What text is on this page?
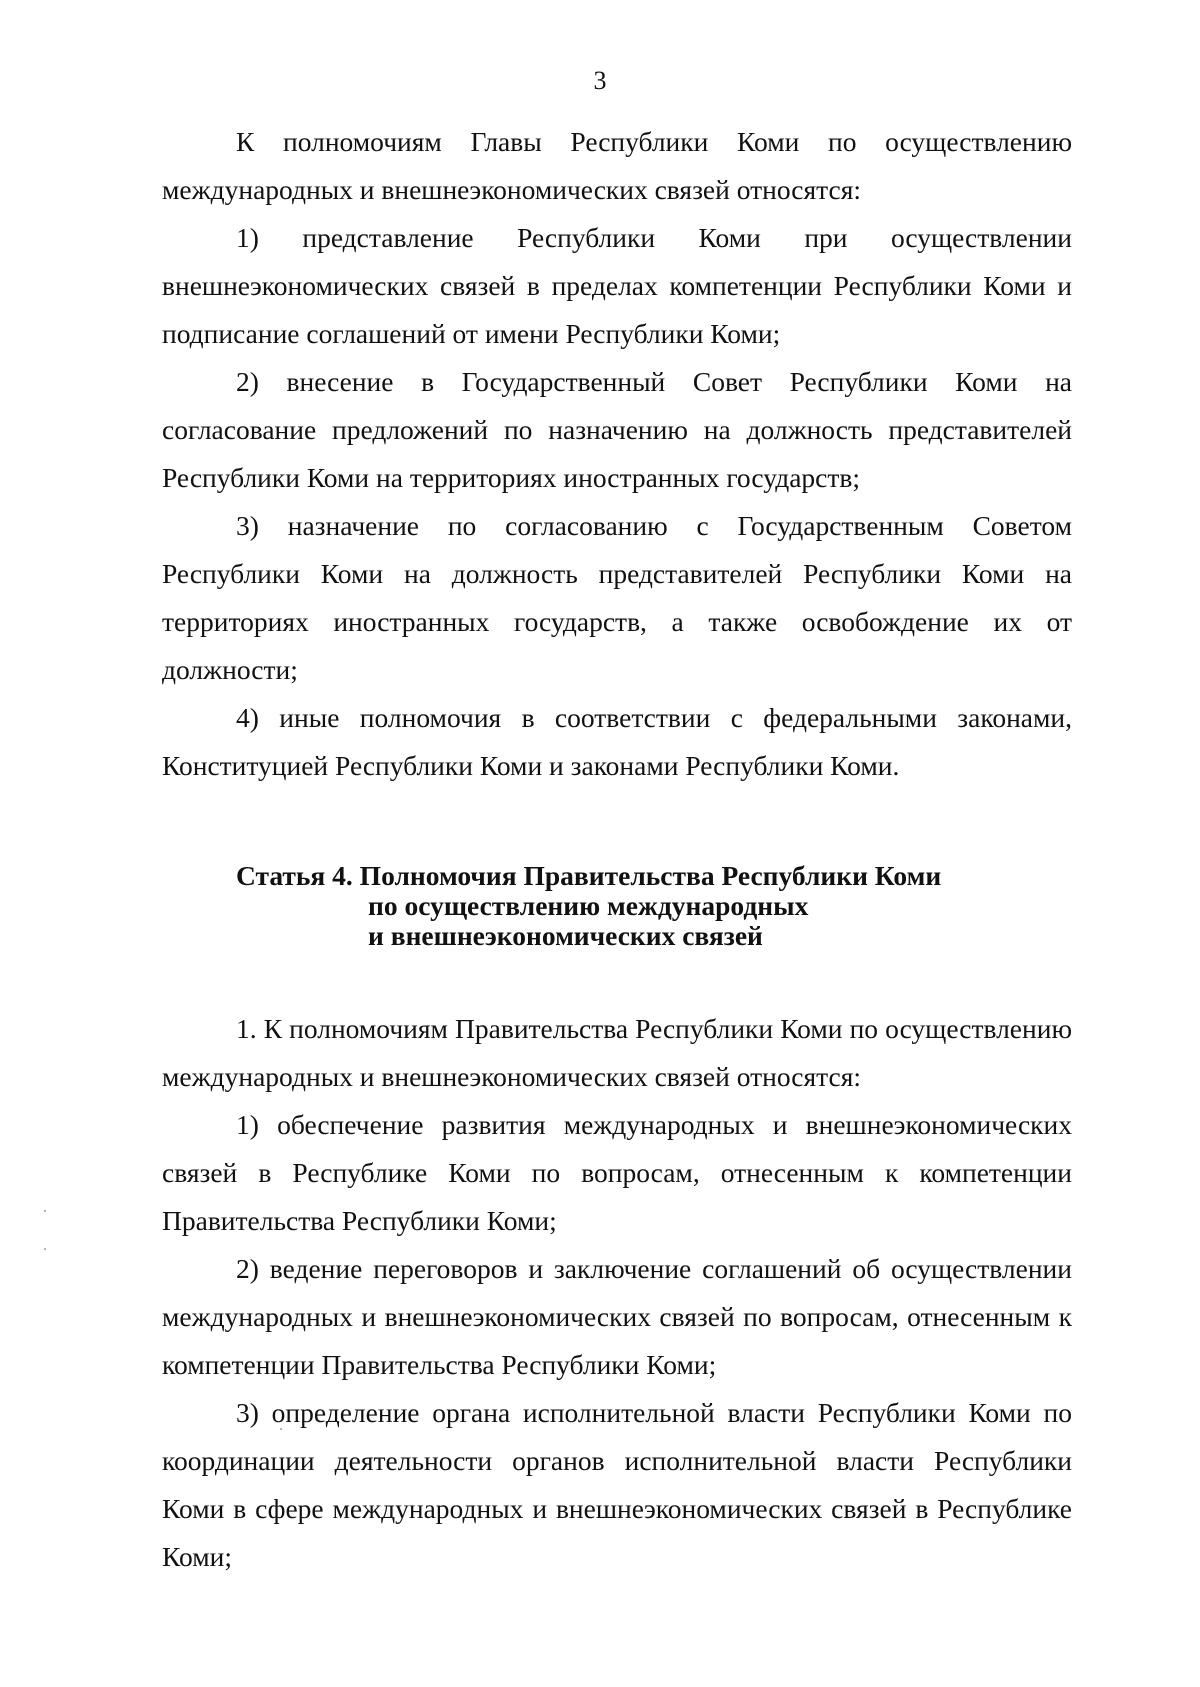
3

К полномочиям Главы Республики Коми по осуществлению международных и внешнеэкономических связей относятся:

1) представление Республики Коми при осуществлении внешнеэкономических связей в пределах компетенции Республики Коми и подписание соглашений от имени Республики Коми;

2) внесение в Государственный Совет Республики Коми на согласование предложений по назначению на должность представителей Республики Коми на территориях иностранных государств;

3) назначение по согласованию с Государственным Советом Республики Коми на должность представителей Республики Коми на территориях иностранных государств, а также освобождение их от должности;

4) иные полномочия в соответствии с федеральными законами, Конституцией Республики Коми и законами Республики Коми.

Статья 4. Полномочия Правительства Республики Коми
по осуществлению международных
и внешнеэкономических связей

1. К полномочиям Правительства Республики Коми по осуществлению международных и внешнеэкономических связей относятся:

1) обеспечение развития международных и внешнеэкономических связей в Республике Коми по вопросам, отнесенным к компетенции Правительства Республики Коми;

2) ведение переговоров и заключение соглашений об осуществлении международных и внешнеэкономических связей по вопросам, отнесенным к компетенции Правительства Республики Коми;

3) определение органа исполнительной власти Республики Коми по координации деятельности органов исполнительной власти Республики Коми в сфере международных и внешнеэкономических связей в Республике Коми;
